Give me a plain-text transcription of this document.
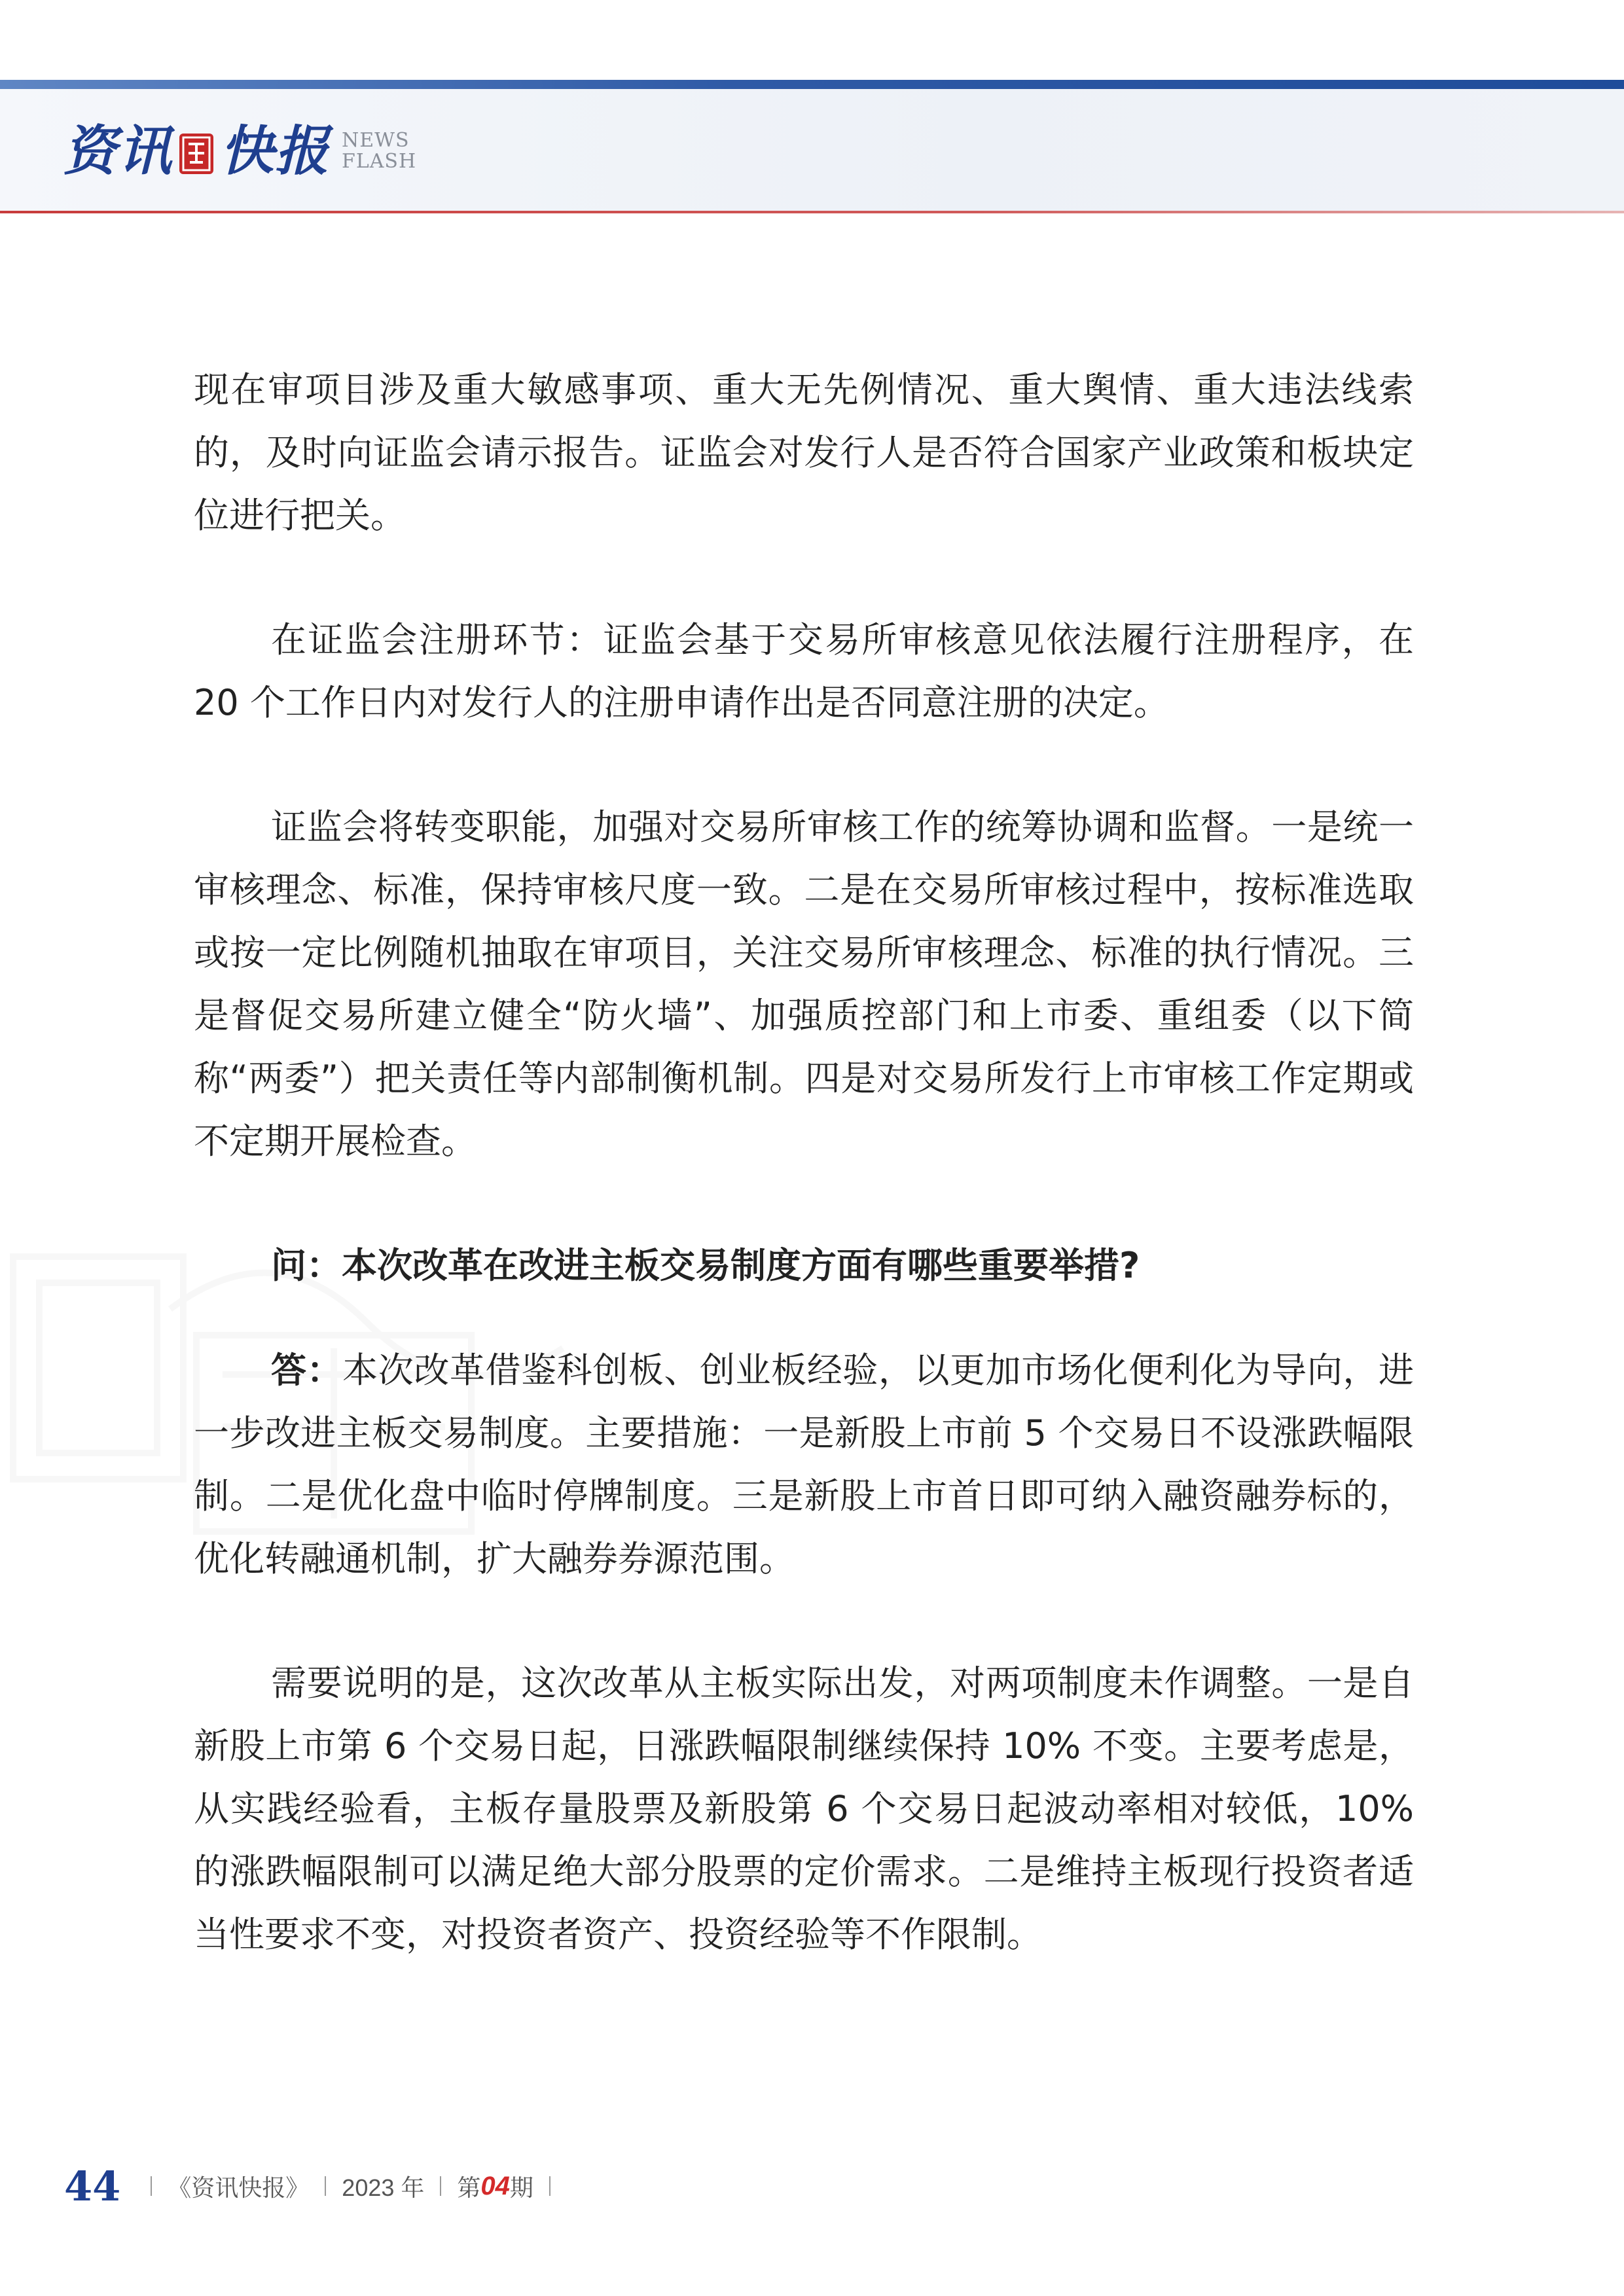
资讯 快报 NEWS
FLASH

现在审项目涉及重大敏感事项、重大无先例情况、重大舆情、重大违法线索的，及时向证监会请示报告。证监会对发行人是否符合国家产业政策和板块定位进行把关。

在证监会注册环节：证监会基于交易所审核意见依法履行注册程序，在 20 个工作日内对发行人的注册申请作出是否同意注册的决定。

证监会将转变职能，加强对交易所审核工作的统筹协调和监督。一是统一审核理念、标准，保持审核尺度一致。二是在交易所审核过程中，按标准选取或按一定比例随机抽取在审项目，关注交易所审核理念、标准的执行情况。三是督促交易所建立健全“防火墙”、加强质控部门和上市委、重组委（以下简称“两委”）把关责任等内部制衡机制。四是对交易所发行上市审核工作定期或不定期开展检查。

问：本次改革在改进主板交易制度方面有哪些重要举措?

答：本次改革借鉴科创板、创业板经验，以更加市场化便利化为导向，进一步改进主板交易制度。主要措施：一是新股上市前 5 个交易日不设涨跌幅限制。二是优化盘中临时停牌制度。三是新股上市首日即可纳入融资融券标的，优化转融通机制，扩大融券券源范围。

需要说明的是，这次改革从主板实际出发，对两项制度未作调整。一是自新股上市第 6 个交易日起，日涨跌幅限制继续保持 10% 不变。主要考虑是，从实践经验看，主板存量股票及新股第 6 个交易日起波动率相对较低，10% 的涨跌幅限制可以满足绝大部分股票的定价需求。二是维持主板现行投资者适当性要求不变，对投资者资产、投资经验等不作限制。

44 《资讯快报》 2023 年 第 04 期
